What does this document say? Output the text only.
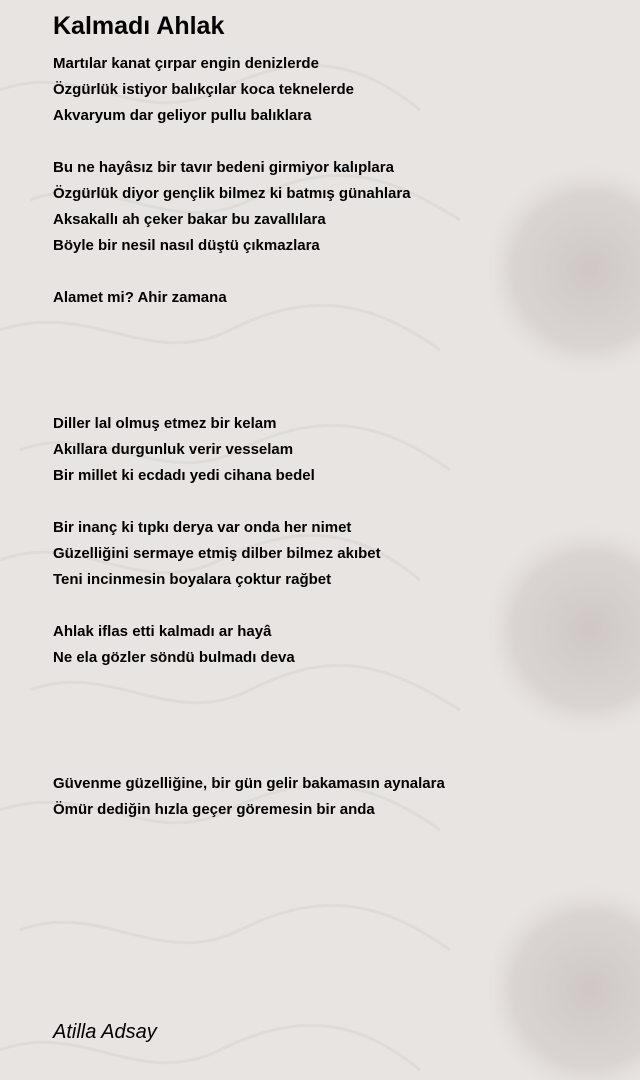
Kalmadı Ahlak
Martılar kanat çırpar engin denizlerde
Özgürlük istiyor balıkçılar koca teknelerde
Akvaryum dar geliyor pullu balıklara
Bu ne hayâsız bir tavır bedeni girmiyor kalıplara
Özgürlük diyor gençlik bilmez ki batmış günahlara
Aksakallı ah çeker bakar bu zavallılara
Böyle bir nesil nasıl düştü çıkmazlara
Alamet mi? Ahir zamana
Diller lal olmuş etmez bir kelam
Akıllara durgunluk verir vesselam
Bir millet ki ecdadı yedi cihana bedel
Bir inanç ki tıpkı derya var onda her nimet
Güzelliğini sermaye etmiş dilber bilmez akıbet
Teni incinmesin boyalara çoktur rağbet
Ahlak iflas etti kalmadı ar hayâ
Ne ela gözler söndü bulmadı deva
Güvenme güzelliğine, bir gün gelir bakamasın aynalara
Ömür dediğin hızla geçer göremesin bir anda
Atilla Adsay
